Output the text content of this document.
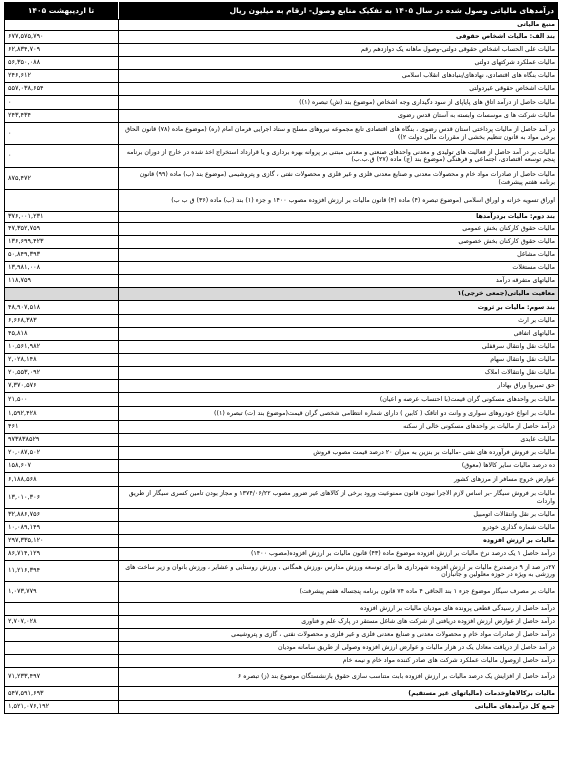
درآمدهای مالیاتی وصول شده در سال ۱۴۰۵ به تفکیک منابع وصول- ارقام به میلیون ریال
تا اردیبهشت ۱۴۰۵
منبع مالیاتی	
بند الف: مالیات اشخاص حقوقی	۶۷۷,۵۷۵,۷۹۰
مالیات علی الحساب اشخاص حقوقی دولتی-وصول ماهانه یک دوازدهم رقم	۶۲,۸۳۴,۷۰۹
مالیات عملکرد شرکتهای دولتی	۵۶,۳۵۰,۰۸۸
مالیات بنگاه های اقتصادی، نهادهای/بنیادهای انقلاب اسلامی	۲۴۶,۶۱۲
مالیات اشخاص حقوقی غیردولتی	۵۵۷,۰۳۸,۶۵۴
مالیات حاصل از درآمد اتاق های پایاپای از سود دگیداری وجه اشخاص (موضوع بند (ش) تبصره (۱))	۰
مالیات شرکت ها ی موسسات وابسته به آستان قدس رضوی	۲۴۳,۴۳۴
در آمد حاصل از مالیات پرداختی استان قدس رضوی ، بنگاه های اقتصادی تابع مجموعه نیروهای مسلح و ستاد اجرایی فرمان امام (ره) (موضوع ماده (۷۸) قانون الحاق برخی مواد به قانون تنظیم بخشی از مقررات مالی دولت ۲))	۰
مالیات بر در آمد حاصل از فعالیت های تولیدی و معدنی واحدهای صنعتی و معدنی مبتنی بر پروانه بهره برداری و یا قرارداد استخراج اخذ شده در خارج از دوران برنامه پنجم توسعه اقتصادی، اجتماعی و فرهنگی (موضوع بند (ج) ماده (۲۷) ق.ب.ب)	۰
مالیات حاصل از صادرات مواد خام و محصولات معدنی و صنایع معدنی فلزی و غیر فلزی و محصولات نفتی ، گازی و پتروشیمی (موضوع بند (ب) ماده (۹۹) قانون برنامه هفتم پیشرفت)	۸۷۵,۴۷۲
اوراق تسویه خزانه و اوراق اسلامی (موضوع تبصره (۴) ماده (۴) قانون مالیات بر ارزش افزوده مصوب ۱۴۰۰ و جزء (۱) بند (ب) ماده (۳۶) ق ب ب)	
بند دوم: مالیات بردرآمدها	۳۷۶,۰۰۱,۲۳۱
مالیات حقوق کارکنان بخش عمومی	۴۷,۳۵۲,۷۵۹
مالیات حقوق کارکنان بخش خصوصی	۱۳۶,۶۹۹,۴۲۳
مالیات مشاغل	۵۰,۸۴۹,۳۹۳
مالیات مستغلات	۱۳,۹۸۱,۰۰۸
مالیاتهای متفرقه درآمد	۱۱۸,۷۵۹
معافیت مالیاتی(جمعی خرجی)۱	
بند سوم: مالیات بر ثروت	۴۸,۹۰۷,۵۱۸
مالیات بر ارث	۶,۶۶۸,۳۸۳
مالیاتهای اتفاقی	۴۵,۸۱۸
مالیات نقل وانتقال سرقفلی	۱۰,۵۶۱,۹۸۲
مالیات نقل وانتقال سهام	۲,۰۲۸,۱۴۸
مالیات نقل وانتقالات املاک	۲۰,۵۵۳,۰۹۲
حق تمبروا وراق بهادار	۷,۳۷۰,۵۷۶
مالیات بر واحدهای مسکونی گران قیمت(با احتساب عرصه و اعیان)	۲۱,۵۰۰
مالیات بر انواع خودروهای سواری و وانت دو اتاقک ( کابین ) دارای شماره انتظامی شخصی گران قیمت(موضوع بند (ت) تبصره (۱))	۱,۵۹۲,۴۲۸
درآمد حاصل از مالیات بر واحدهای مسکونی خالی از سکنه	۴۶۱
مالیات عایدی	۹۷۳۸۳۸۵۲۹
مالیات بر فروش فرآورده های نفتی -مالیات بر بنزین به میزان ۲۰ درصد قیمت مصوب فروش	۲۰,۰۸۷,۵۰۲
ده درصد مالیات سایر کالاها (معوق)	۱۵۸,۶۰۷
عوارض خروج مسافر از مرزهای کشور	۶,۱۸۸,۵۶۸
مالیات بر فروش سیگار -بر اساس لازم الاجرا نبودن قانون ممنوعیت ورود برخی از کالاهای غیر ضرور مصوب ۱۳۷۴/۰۶/۲۲ و مجاز بودن تامین کسری سیگار از طریق واردات	۱۳,۰۱۰,۳۰۶
مالیات بر نقل وانتقالات اتومبیل	۳۲,۸۸۶,۷۵۶
مالیات شماره گذاری خودرو	۱۰,۰۸۹,۱۴۹
مالیات بر ارزش افزوده	۲۹۷,۳۳۵,۱۲۰
درآمد حاصل ۱ یک درصد نرخ مالیات بر ارزش افزوده موضوع ماده (۴۳) قانون مالیات بر ارزش افزوده(مصوب ۱۴۰۰)	۸۶,۷۱۴,۱۲۹
۲۷در صد از ۹ درصدنرخ مالیات بر ارزش افزوده شهرداری ها برای توسعه ورزش مدارس ،ورزش همگانی ، ورزش روستایی و عشایر ، ورزش بانوان و زیر ساخت های ورزشی به ویژه در حوزه معلولین و جانبازان	۱۱,۲۱۶,۳۹۴
مالیات بر مصرف سیگار موضوع جزء ۱ بند الحاقی ۴ ماده ۷۴ قانون برنامه پنجساله هفتم پیشرفت)	۱,۰۷۳,۷۷۹
درآمد حاصل از رسیدگی قطعی پرونده های مودیان مالیات بر ارزش افزوده	
درآمد حاصل از عوارض ارزش افزوده دریافتی از شرکت های شاغل مستقر در پارک علم و فناوری	۲,۷۰۷,۰۲۸
درآمد حاصل از صادرات مواد خام و محصولات معدنی و صنایع معدنی فلزی و غیر فلزی و محصولات نفتی ، گازی و پتروشیمی	
در آمد حاصل از دریافت معادل یک در هزار مالیات و عوارض ارزش افزوده وصولی از طریق سامانه مودیان	
درآمد حاصل ازوصول مالیات عملکرد شرکت های صادر کننده مواد خام و نیمه خام	
درآمد حاصل از افزایش یک درصد مالیات بر ارزش افزوده بابت متناسب سازی حقوق بازنشستگان موضوع بند (ز) تبصره ۶	۷۱,۲۳۳,۴۹۷
مالیات برکالاهاوخدمات (مالیاتهای غیر مستقیم)	۵۴۷,۵۹۱,۶۹۳
جمع کل درآمدهای مالیاتی	۱,۵۲۱,۰۷۶,۱۹۲
